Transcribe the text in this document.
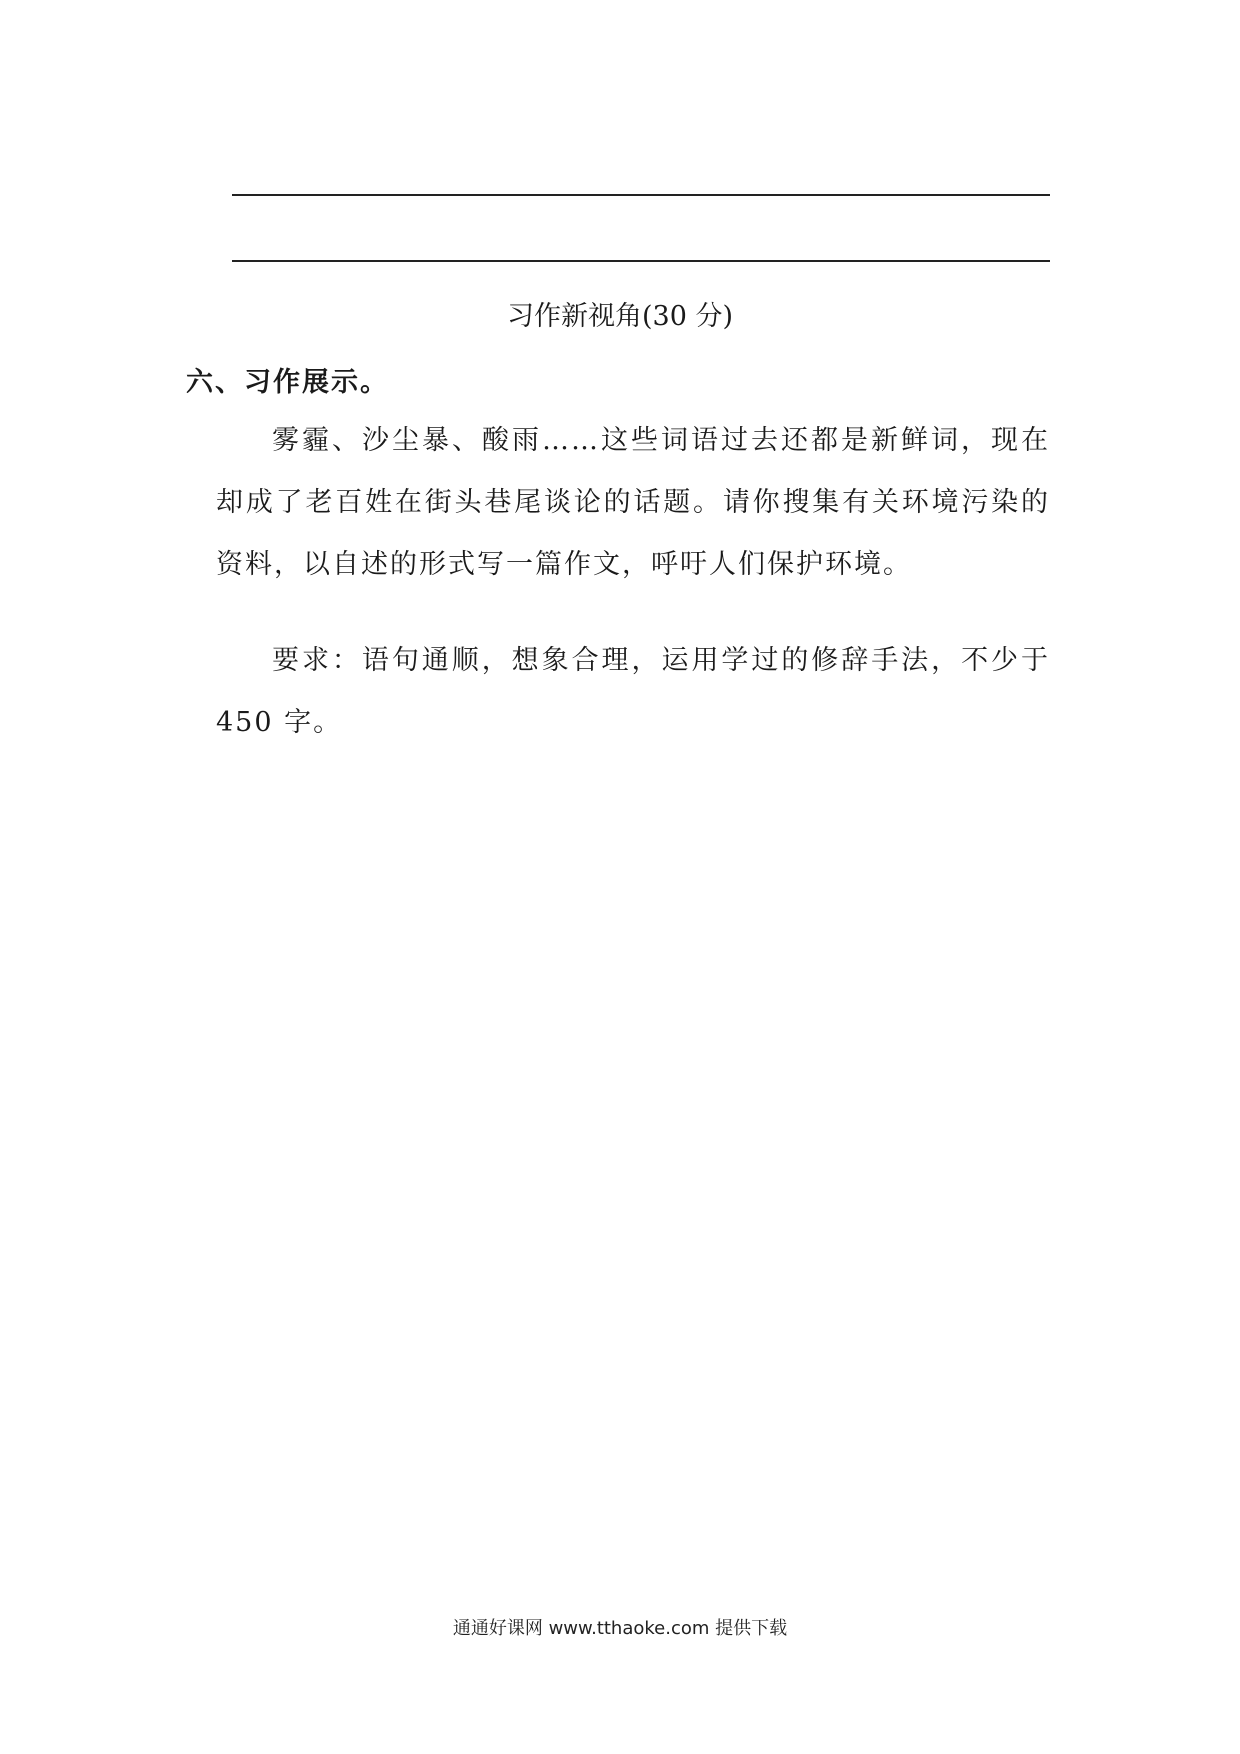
习作新视角(30 分)
六、习作展示。
雾霾、沙尘暴、酸雨……这些词语过去还都是新鲜词，现在却成了老百姓在街头巷尾谈论的话题。请你搜集有关环境污染的资料，以自述的形式写一篇作文，呼吁人们保护环境。
要求：语句通顺，想象合理，运用学过的修辞手法，不少于 450 字。
通通好课网 www.tthaoke.com 提供下载
